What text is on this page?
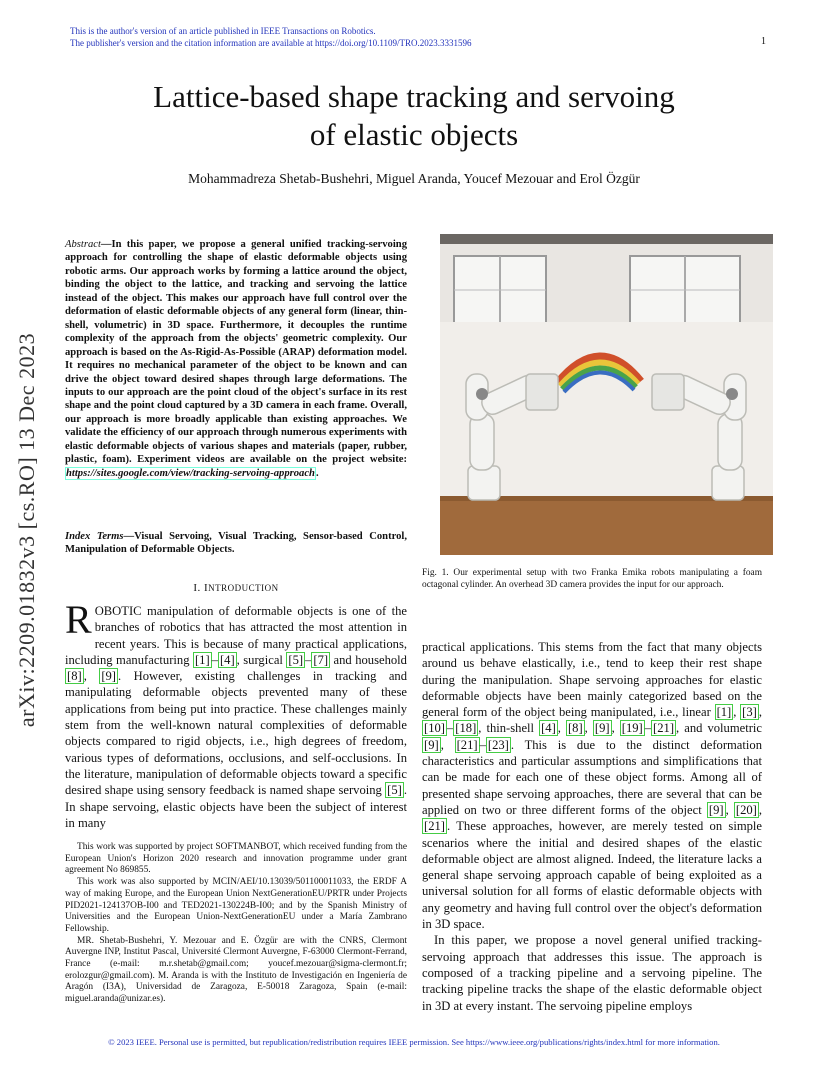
This is the author's version of an article published in IEEE Transactions on Robotics.
The publisher's version and the citation information are available at https://doi.org/10.1109/TRO.2023.3331596	1
arXiv:2209.01832v3 [cs.RO] 13 Dec 2023
Lattice-based shape tracking and servoing
of elastic objects
Mohammadreza Shetab-Bushehri, Miguel Aranda, Youcef Mezouar and Erol Özgür
Abstract—In this paper, we propose a general unified tracking-servoing approach for controlling the shape of elastic deformable objects using robotic arms. Our approach works by forming a lattice around the object, binding the object to the lattice, and tracking and servoing the lattice instead of the object. This makes our approach have full control over the deformation of elastic deformable objects of any general form (linear, thin-shell, volumetric) in 3D space. Furthermore, it decouples the runtime complexity of the approach from the objects' geometric complexity. Our approach is based on the As-Rigid-As-Possible (ARAP) deformation model. It requires no mechanical parameter of the object to be known and can drive the object toward desired shapes through large deformations. The inputs to our approach are the point cloud of the object's surface in its rest shape and the point cloud captured by a 3D camera in each frame. Overall, our approach is more broadly applicable than existing approaches. We validate the efficiency of our approach through numerous experiments with elastic deformable objects of various shapes and materials (paper, rubber, plastic, foam). Experiment videos are available on the project website: https://sites.google.com/view/tracking-servoing-approach.
Index Terms—Visual Servoing, Visual Tracking, Sensor-based Control, Manipulation of Deformable Objects.
I. INTRODUCTION
ROBOTIC manipulation of deformable objects is one of the branches of robotics that has attracted the most attention in recent years. This is because of many practical applications, including manufacturing [1] – [4] , surgical [5] – [7] and household [8] , [9] . However, existing challenges in tracking and manipulating deformable objects prevented many of these applications from being put into practice. These challenges mainly stem from the well-known natural complexities of deformable objects compared to rigid objects, i.e., high degrees of freedom, various types of deformations, occlusions, and self-occlusions. In the literature, manipulation of deformable objects toward a specific desired shape using sensory feedback is named shape servoing [5] . In shape servoing, elastic objects have been the subject of interest in many

This work was supported by project SOFTMANBOT, which received funding from the European Union's Horizon 2020 research and innovation programme under grant agreement No 869855.

This work was also supported by MCIN/AEI/10.13039/501100011033, the ERDF A way of making Europe, and the European Union NextGenerationEU/PRTR under Projects PID2021-124137OB-I00 and TED2021-130224B-I00; and by the Spanish Ministry of Universities and the European Union-NextGenerationEU under a María Zambrano Fellowship.

MR. Shetab-Bushehri, Y. Mezouar and E. Özgür are with the CNRS, Clermont Auvergne INP, Institut Pascal, Université Clermont Auvergne, F-63000 Clermont-Ferrand, France (e-mail: m.r.shetab@gmail.com; youcef.mezouar@sigma-clermont.fr; erolozgur@gmail.com). M. Aranda is with the Instituto de Investigación en Ingeniería de Aragón (I3A), Universidad de Zaragoza, E-50018 Zaragoza, Spain (e-mail: miguel.aranda@unizar.es).

Fig. 1. Our experimental setup with two Franka Emika robots manipulating a foam octagonal cylinder. An overhead 3D camera provides the input for our approach.

practical applications. This stems from the fact that many objects around us behave elastically, i.e., tend to keep their rest shape during the manipulation. Shape servoing approaches for elastic deformable objects have been mainly categorized based on the general form of the object being manipulated, i.e., linear [1] , [3] , [10] – [18] , thin-shell [4] , [8] , [9] , [19] – [21] , and volumetric [9] , [21] – [23] . This is due to the distinct deformation characteristics and particular assumptions and simplifications that can be made for each one of these object forms. Among all of presented shape servoing approaches, there are several that can be applied on two or three different forms of the object [9] , [20] , [21] . These approaches, however, are merely tested on simple scenarios where the initial and desired shapes of the elastic deformable object are almost aligned. Indeed, the literature lacks a general shape servoing approach capable of being exploited as a universal solution for all forms of elastic deformable objects with any geometry and having full control over the object's deformation in 3D space.

In this paper, we propose a novel general unified tracking-servoing approach that addresses this issue. The approach is composed of a tracking pipeline and a servoing pipeline. The tracking pipeline tracks the shape of the elastic deformable object in 3D at every instant. The servoing pipeline employs

© 2023 IEEE. Personal use is permitted, but republication/redistribution requires IEEE permission. See https://www.ieee.org/publications/rights/index.html for more information.
